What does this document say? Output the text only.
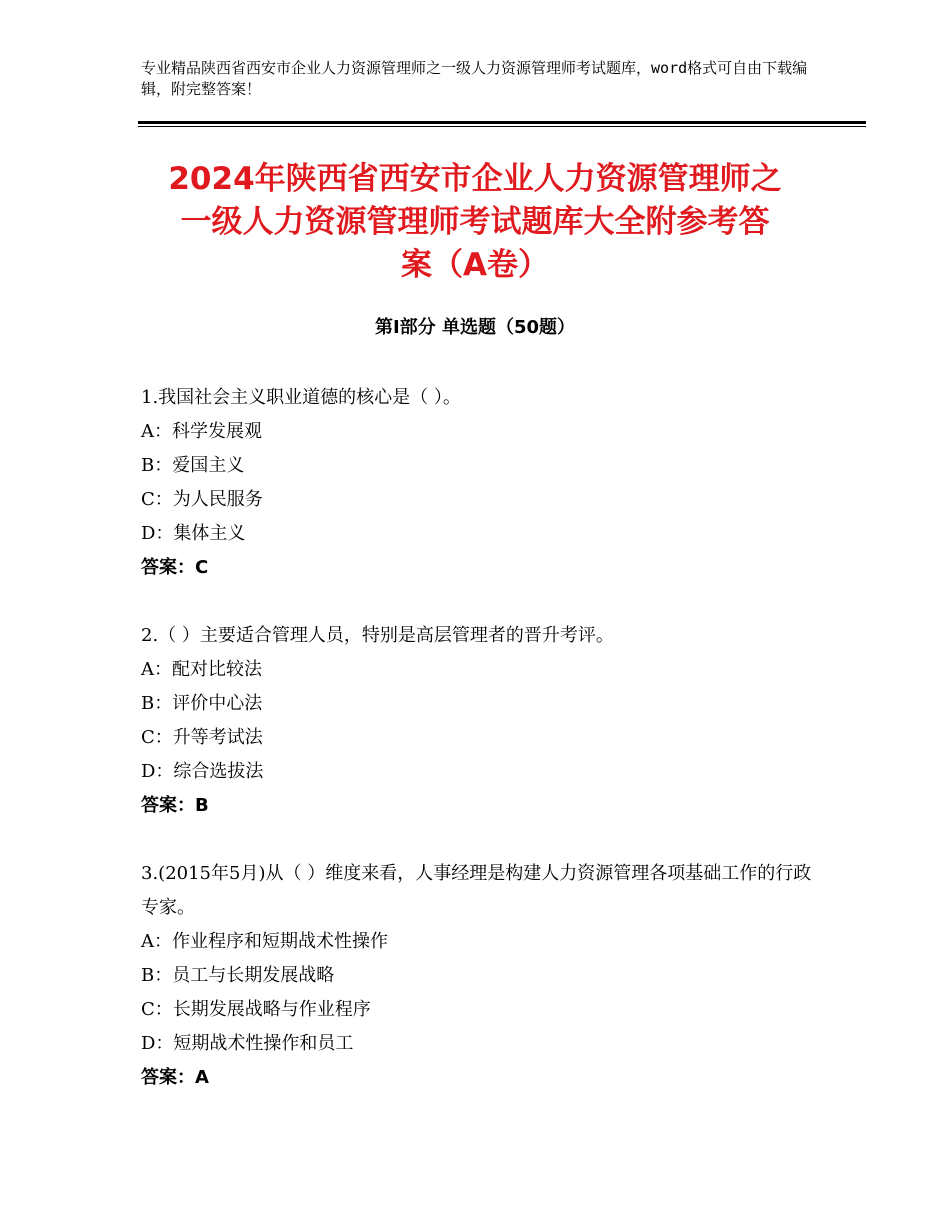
专业精品陕西省西安市企业人力资源管理师之一级人力资源管理师考试题库，word格式可自由下载编辑，附完整答案！
2024年陕西省西安市企业人力资源管理师之
一级人力资源管理师考试题库大全附参考答
案（A卷）
第Ⅰ部分 单选题（50题）

1.我国社会主义职业道德的核心是（ ）。

A：科学发展观

B：爱国主义

C：为人民服务

D：集体主义

答案：C

2.（ ）主要适合管理人员，特别是高层管理者的晋升考评。

A：配对比较法

B：评价中心法

C：升等考试法

D：综合选拔法

答案：B

3.(2015年5月)从（ ）维度来看，人事经理是构建人力资源管理各项基础工作的行政专家。

A：作业程序和短期战术性操作

B：员工与长期发展战略

C：长期发展战略与作业程序

D：短期战术性操作和员工

答案：A
